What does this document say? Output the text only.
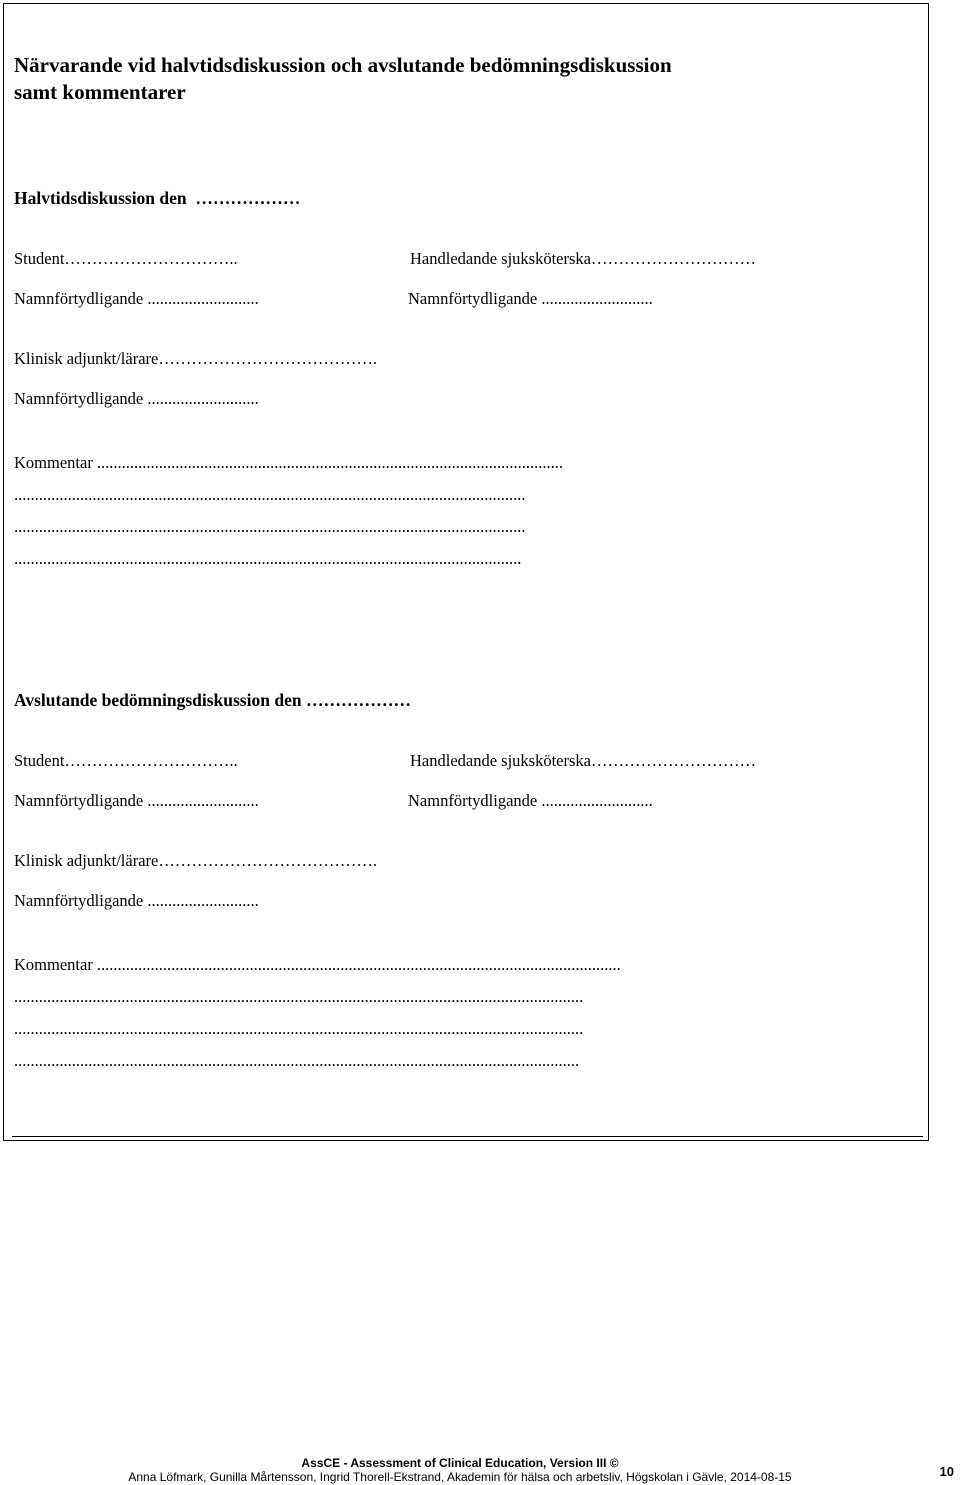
Närvarande vid halvtidsdiskussion och avslutande bedömningsdiskussion
samt kommentarer
Halvtidsdiskussion den  ………………
Student…………………………..	Handledande sjuksköterska…………………………
Namnförtydligande ...........................	Namnförtydligande ...........................
Klinisk adjunkt/lärare………………………………….
Namnförtydligande ...........................
Kommentar .................................................................................................................
............................................................................................................................
............................................................................................................................
...........................................................................................................................
Avslutande bedömningsdiskussion den ………………
Student…………………………..	Handledande sjuksköterska…………………………
Namnförtydligande ...........................	Namnförtydligande ...........................
Klinisk adjunkt/lärare………………………………….
Namnförtydligande ...........................
Kommentar ...............................................................................................................................
..........................................................................................................................................
..........................................................................................................................................
.........................................................................................................................................
AssCE - Assessment of Clinical Education, Version III ©
Anna Löfmark, Gunilla Mårtensson, Ingrid Thorell-Ekstrand, Akademin för hälsa och arbetsliv, Högskolan i Gävle, 2014-08-15	10
